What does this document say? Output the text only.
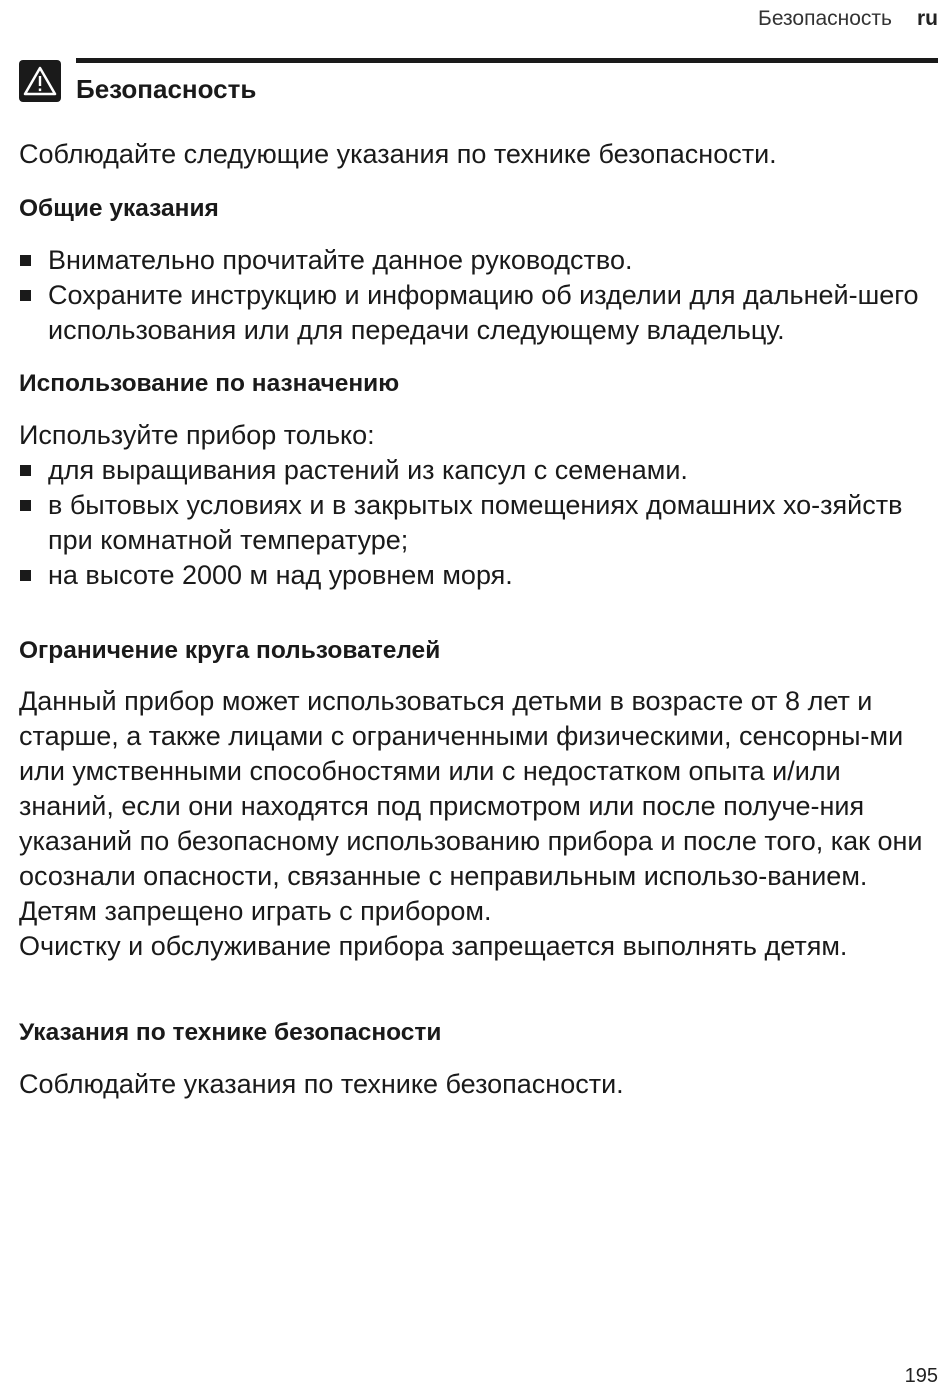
Безопасность ru
Безопасность
Соблюдайте следующие указания по технике безопасности.
Общие указания
Внимательно прочитайте данное руководство.
Сохраните инструкцию и информацию об изделии для дальней-шего использования или для передачи следующему владельцу.
Использование по назначению
Используйте прибор только:
для выращивания растений из капсул с семенами.
в бытовых условиях и в закрытых помещениях домашних хо-зяйств при комнатной температуре;
на высоте 2000 м над уровнем моря.
Ограничение круга пользователей
Данный прибор может использоваться детьми в возрасте от 8 лет и старше, а также лицами с ограниченными физическими, сенсорны-ми или умственными способностями или с недостатком опыта и/или знаний, если они находятся под присмотром или после получе-ния указаний по безопасному использованию прибора и после того, как они осознали опасности, связанные с неправильным использо-ванием.
Детям запрещено играть с прибором.
Очистку и обслуживание прибора запрещается выполнять детям.
Указания по технике безопасности
Соблюдайте указания по технике безопасности.
195
